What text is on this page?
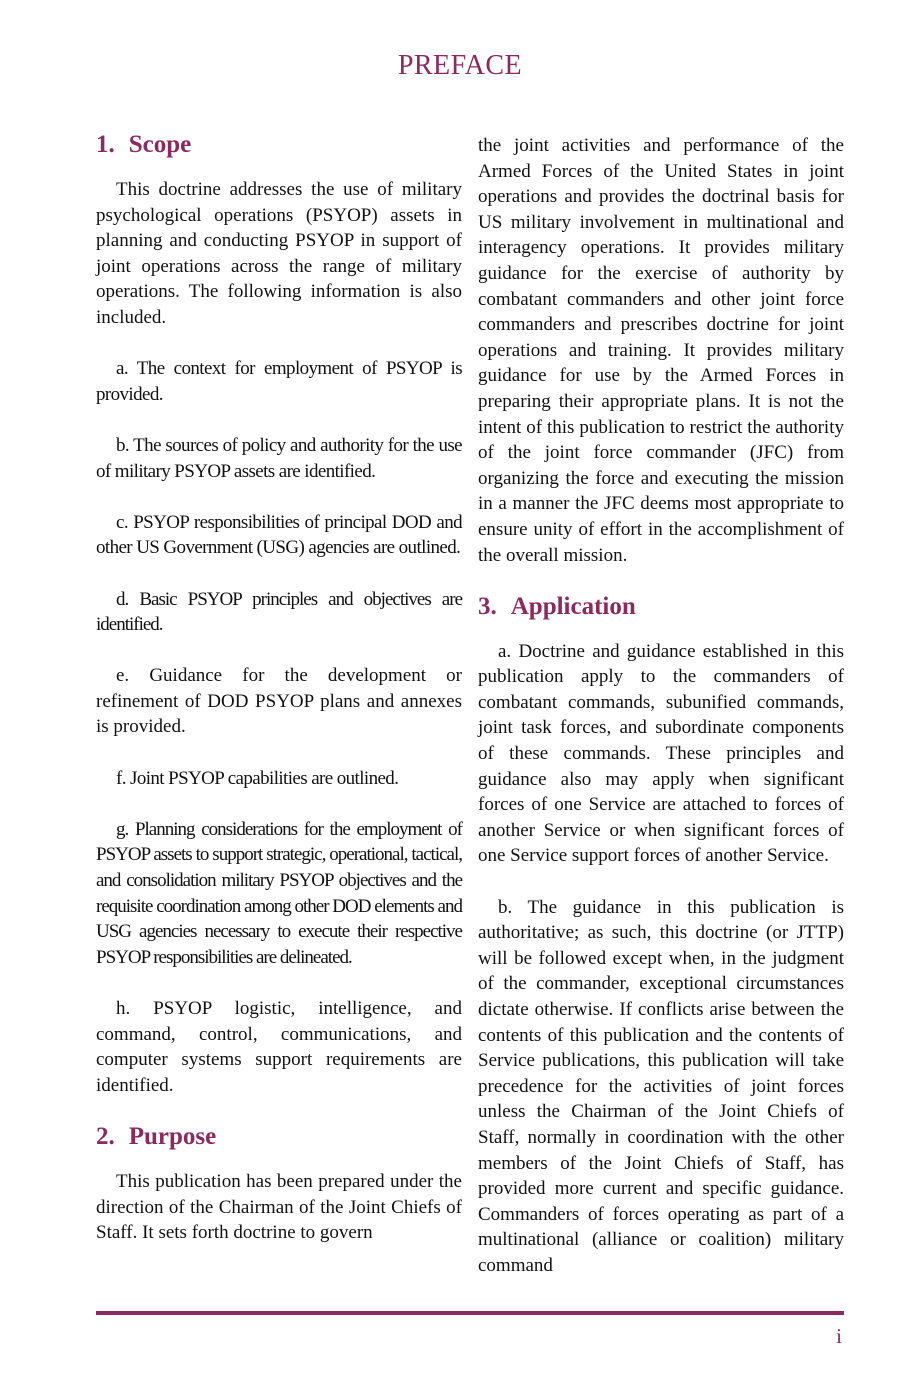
PREFACE
1. Scope

This doctrine addresses the use of military psychological operations (PSYOP) assets in planning and conducting PSYOP in support of joint operations across the range of military operations. The following information is also included.

a. The context for employment of PSYOP is provided.

b. The sources of policy and authority for the use of military PSYOP assets are identified.

c. PSYOP responsibilities of principal DOD and other US Government (USG) agencies are outlined.

d. Basic PSYOP principles and objectives are identified.

e. Guidance for the development or refinement of DOD PSYOP plans and annexes is provided.

f. Joint PSYOP capabilities are outlined.

g. Planning considerations for the employment of PSYOP assets to support strategic, operational, tactical, and consolidation military PSYOP objectives and the requisite coordination among other DOD elements and USG agencies necessary to execute their respective PSYOP responsibilities are delineated.

h. PSYOP logistic, intelligence, and command, control, communications, and computer systems support requirements are identified.

2. Purpose

This publication has been prepared under the direction of the Chairman of the Joint Chiefs of Staff. It sets forth doctrine to govern

the joint activities and performance of the Armed Forces of the United States in joint operations and provides the doctrinal basis for US military involvement in multinational and interagency operations. It provides military guidance for the exercise of authority by combatant commanders and other joint force commanders and prescribes doctrine for joint operations and training. It provides military guidance for use by the Armed Forces in preparing their appropriate plans. It is not the intent of this publication to restrict the authority of the joint force commander (JFC) from organizing the force and executing the mission in a manner the JFC deems most appropriate to ensure unity of effort in the accomplishment of the overall mission.

3. Application

a. Doctrine and guidance established in this publication apply to the commanders of combatant commands, subunified commands, joint task forces, and subordinate components of these commands. These principles and guidance also may apply when significant forces of one Service are attached to forces of another Service or when significant forces of one Service support forces of another Service.

b. The guidance in this publication is authoritative; as such, this doctrine (or JTTP) will be followed except when, in the judgment of the commander, exceptional circumstances dictate otherwise. If conflicts arise between the contents of this publication and the contents of Service publications, this publication will take precedence for the activities of joint forces unless the Chairman of the Joint Chiefs of Staff, normally in coordination with the other members of the Joint Chiefs of Staff, has provided more current and specific guidance. Commanders of forces operating as part of a multinational (alliance or coalition) military command

i
